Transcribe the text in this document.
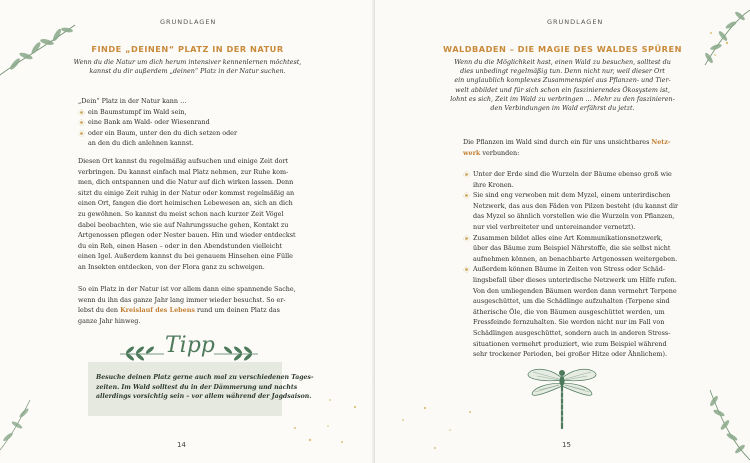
GRUNDLAGEN
FINDE „DEINEN“ PLATZ IN DER NATUR
Wenn du die Natur um dich herum intensiver kennenlernen möchtest,
kannst du dir außerdem „deinen“ Platz in der Natur suchen.
„Dein“ Platz in der Natur kann …
ein Baumstumpf im Wald sein,
eine Bank am Wald- oder Wiesenrand
oder ein Baum, unter den du dich setzen oder
an den du dich anlehnen kannst.
Diesen Ort kannst du regelmäßig aufsuchen und einige Zeit dort
verbringen. Du kannst einfach mal Platz nehmen, zur Ruhe kom-
men, dich entspannen und die Natur auf dich wirken lassen. Denn
sitzt du einige Zeit ruhig in der Natur oder kommst regelmäßig an
einen Ort, fangen die dort heimischen Lebewesen an, sich an dich
zu gewöhnen. So kannst du meist schon nach kurzer Zeit Vögel
dabei beobachten, wie sie auf Nahrungssuche gehen, Kontakt zu
Artgenossen pflegen oder Nester bauen. Hin und wieder entdeckst
du ein Reh, einen Hasen – oder in den Abendstunden vielleicht
einen Igel. Außerdem kannst du bei genauem Hinsehen eine Fülle
an Insekten entdecken, von der Flora ganz zu schweigen.
So ein Platz in der Natur ist vor allem dann eine spannende Sache,
wenn du ihn das ganze Jahr lang immer wieder besuchst. So er-
lebst du den Kreislauf des Lebens rund um deinen Platz das
ganze Jahr hinweg.
Tipp
Besuche deinen Platz gerne auch mal zu verschiedenen Tages-
zeiten. Im Wald solltest du in der Dämmerung und nachts
allerdings vorsichtig sein – vor allem während der Jagdsaison.
14
GRUNDLAGEN
WALDBADEN – DIE MAGIE DES WALDES SPÜREN
Wenn du die Möglichkeit hast, einen Wald zu besuchen, solltest du
dies unbedingt regelmäßig tun. Denn nicht nur, weil dieser Ort
ein unglaublich komplexes Zusammenspiel aus Pflanzen- und Tier-
welt abbildet und für sich schon ein faszinierendes Ökosystem ist,
lohnt es sich, Zeit im Wald zu verbringen … Mehr zu den faszinieren-
den Verbindungen im Wald erfährst du jetzt.
Die Pflanzen im Wald sind durch ein für uns unsichtbares Netz-
werk verbunden:
Unter der Erde sind die Wurzeln der Bäume ebenso groß wie
ihre Kronen.
Sie sind eng verwoben mit dem Myzel, einem unterirdischen
Netzwerk, das aus den Fäden von Pilzen besteht (du kannst dir
das Myzel so ähnlich vorstellen wie die Wurzeln von Pflanzen,
nur viel verbreiteter und untereinander vernetzt).
Zusammen bildet alles eine Art Kommunikationsnetzwerk,
über das Bäume zum Beispiel Nährstoffe, die sie selbst nicht
aufnehmen können, an benachbarte Artgenossen weitergeben.
Außerdem können Bäume in Zeiten von Stress oder Schäd-
lingsbefall über dieses unterirdische Netzwerk um Hilfe rufen.
Von den umliegenden Bäumen werden dann vermehrt Terpene
ausgeschüttet, um die Schädlinge aufzuhalten (Terpene sind
ätherische Öle, die von Bäumen ausgeschüttet werden, um
Fressfeinde fernzuhalten. Sie werden nicht nur im Fall von
Schädlingen ausgeschüttet, sondern auch in anderen Stress-
situationen vermehrt produziert, wie zum Beispiel während
sehr trockener Perioden, bei großer Hitze oder Ähnlichem).
15
